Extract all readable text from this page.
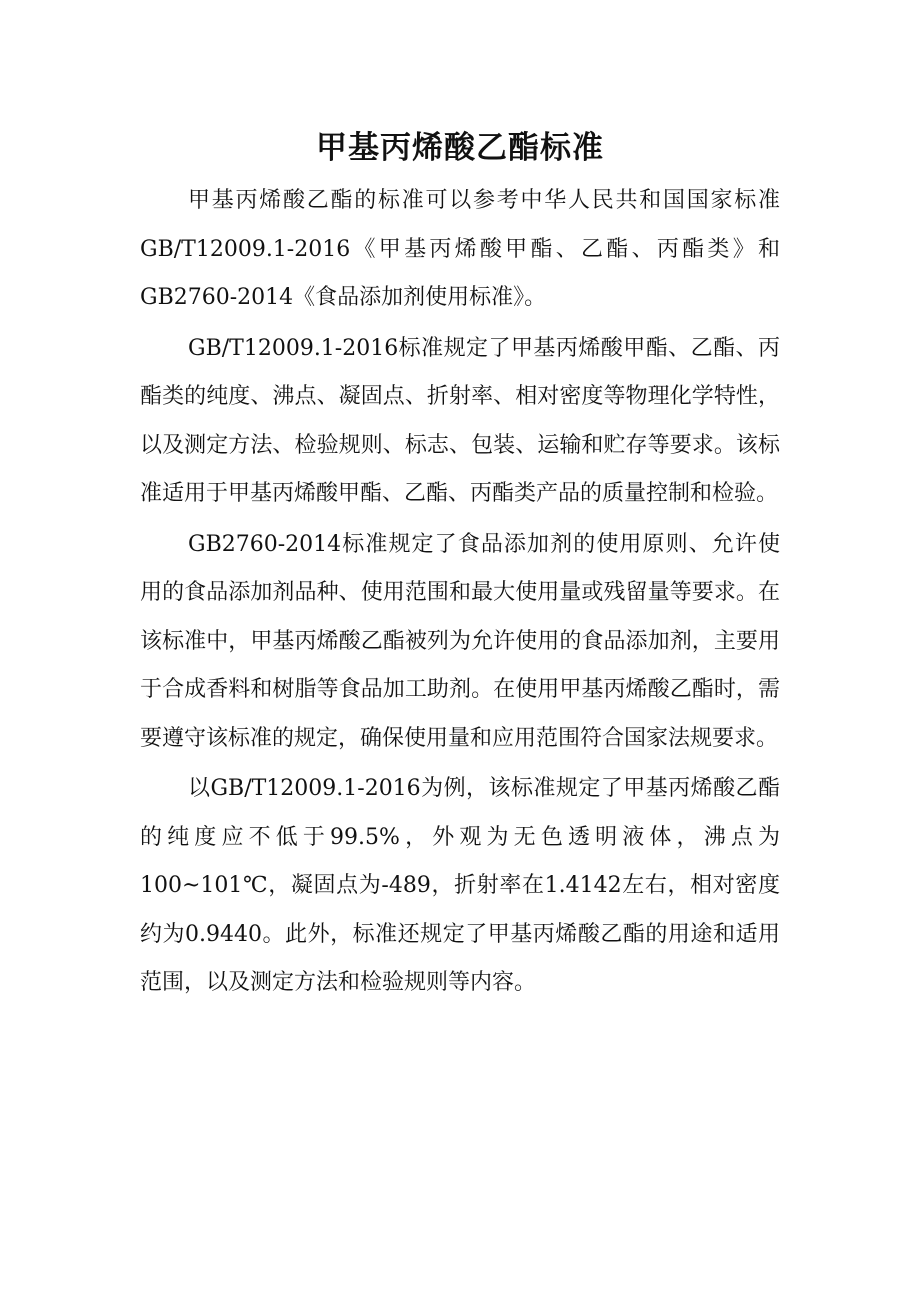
甲基丙烯酸乙酯标准

甲基丙烯酸乙酯的标准可以参考中华人民共和国国家标准GB/T12009.1-2016《甲基丙烯酸甲酯、乙酯、丙酯类》和GB2760-2014《食品添加剂使用标准》。

GB/T12009.1-2016标准规定了甲基丙烯酸甲酯、乙酯、丙酯类的纯度、沸点、凝固点、折射率、相对密度等物理化学特性，以及测定方法、检验规则、标志、包装、运输和贮存等要求。该标准适用于甲基丙烯酸甲酯、乙酯、丙酯类产品的质量控制和检验。

GB2760-2014标准规定了食品添加剂的使用原则、允许使用的食品添加剂品种、使用范围和最大使用量或残留量等要求。在该标准中，甲基丙烯酸乙酯被列为允许使用的食品添加剂，主要用于合成香料和树脂等食品加工助剂。在使用甲基丙烯酸乙酯时，需要遵守该标准的规定，确保使用量和应用范围符合国家法规要求。

以GB/T12009.1-2016为例，该标准规定了甲基丙烯酸乙酯的纯度应不低于99.5%，外观为无色透明液体，沸点为100~101℃，凝固点为-489，折射率在1.4142左右，相对密度约为0.9440。此外，标准还规定了甲基丙烯酸乙酯的用途和适用范围，以及测定方法和检验规则等内容。
